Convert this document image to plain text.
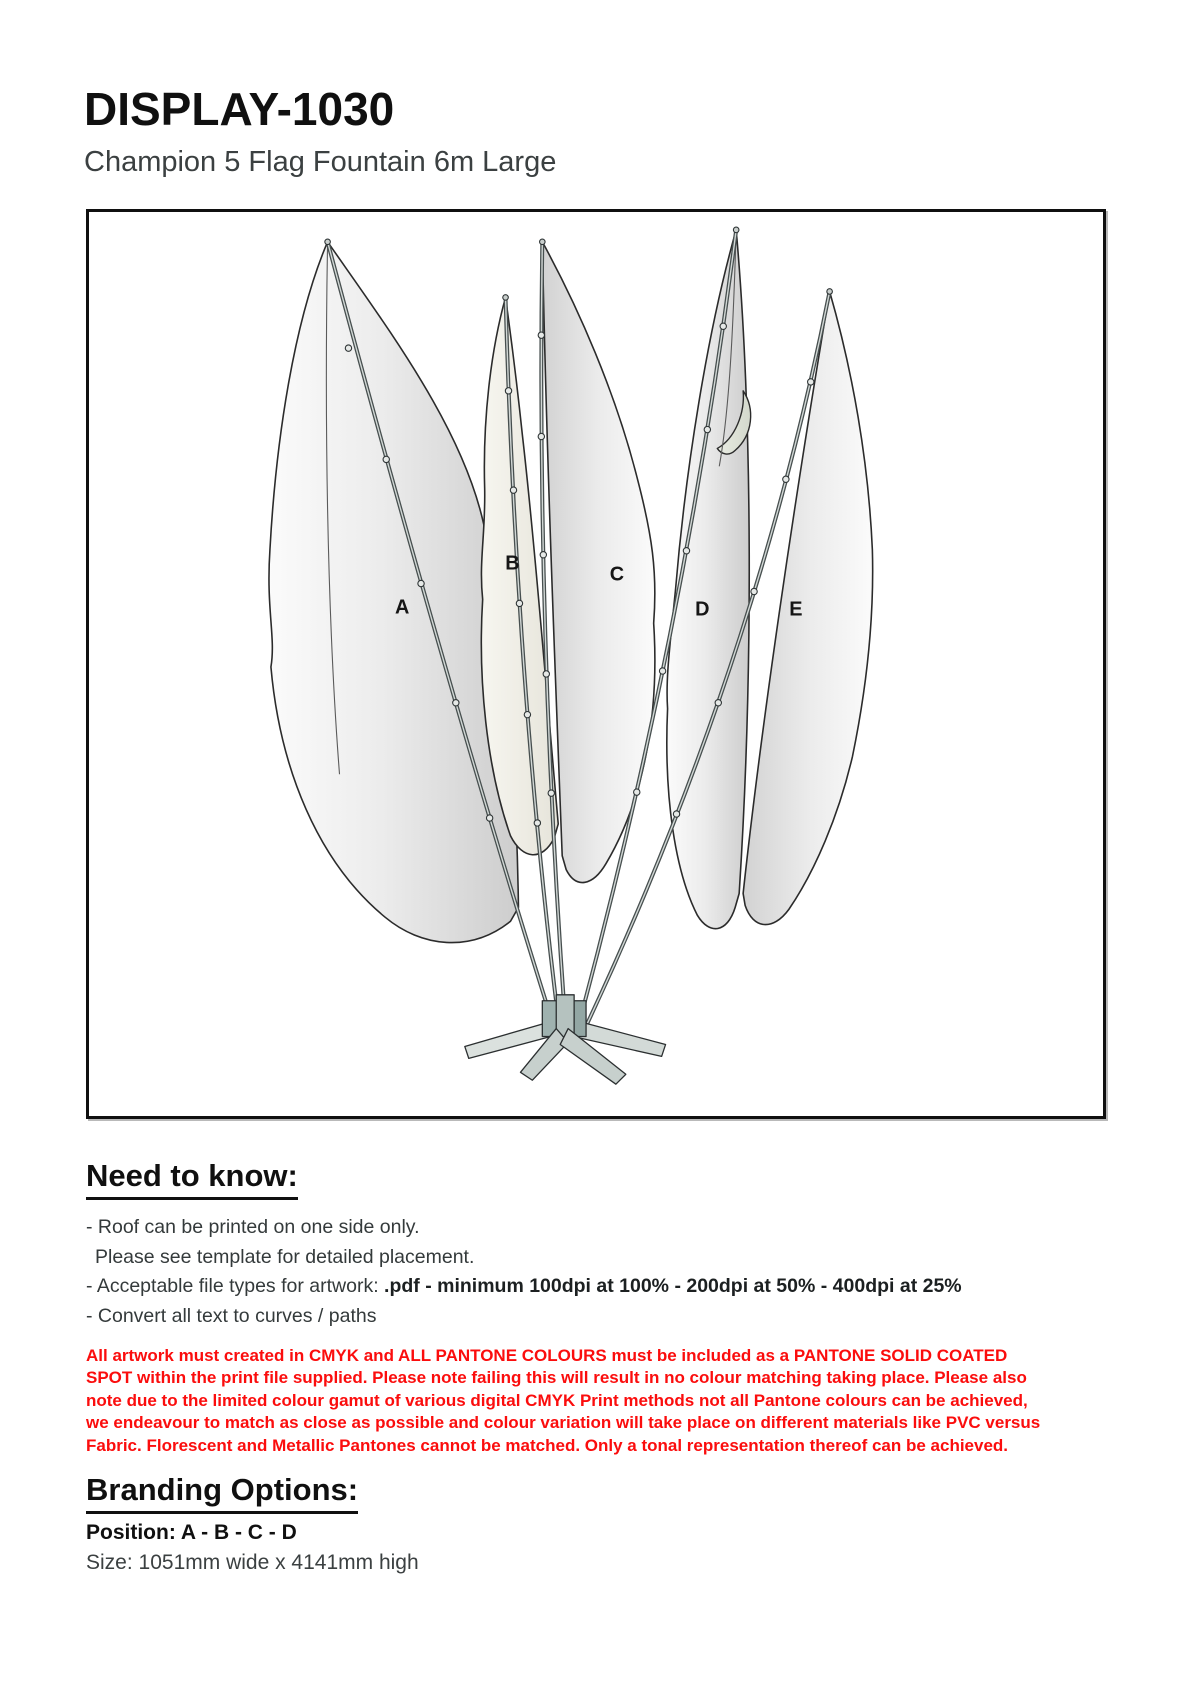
DISPLAY-1030
Champion 5 Flag Fountain 6m Large
A
B	C
D	E
Need to know:
- Roof can be printed on one side only.
Please see template for detailed placement.
- Acceptable file types for artwork: .pdf - minimum 100dpi at 100% - 200dpi at 50% - 400dpi at 25%
- Convert all text to curves / paths
All artwork must created in CMYK and ALL PANTONE COLOURS must be included as a PANTONE SOLID COATED SPOT within the print file supplied. Please note failing this will result in no colour matching taking place. Please also note due to the limited colour gamut of various digital CMYK Print methods not all Pantone colours can be achieved, we endeavour to match as close as possible and colour variation will take place on different materials like PVC versus Fabric. Florescent and Metallic Pantones cannot be matched. Only a tonal representation thereof can be achieved.
Branding Options:
Position: A - B - C - D
Size: 1051mm wide x 4141mm high
